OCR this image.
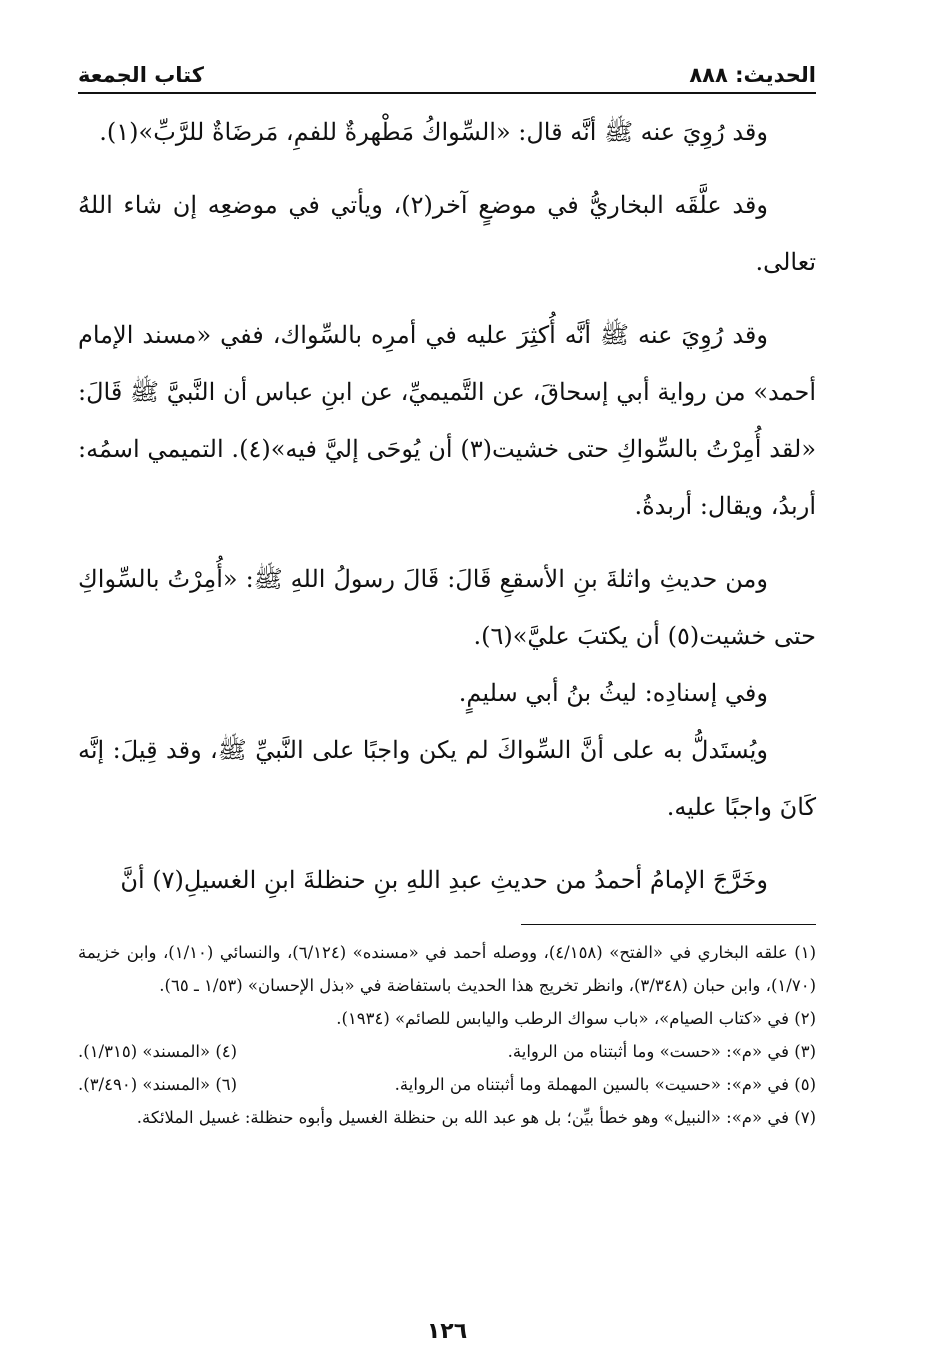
الحديث: ٨٨٨
كتاب الجمعة

وقد رُوِيَ عنه ﷺ أنَّه قال: «السِّواكُ مَطْهرةٌ للفمِ، مَرضَاةٌ للرَّبِّ»(١).

وقد علَّقَه البخاريُّ في موضعٍ آخر(٢)، ويأتي في موضعِه إن شاء اللهُ تعالى.

وقد رُوِيَ عنه ﷺ أنَّه أُكثِرَ عليه في أمرِه بالسِّواك، ففي «مسند الإمام أحمد» من رواية أبي إسحاقَ، عن التَّميميِّ، عن ابنِ عباس أن النَّبيَّ ﷺ قَالَ: «لقد أُمِرْتُ بالسِّواكِ حتى خشيت(٣) أن يُوحَى إليَّ فيه»(٤). التميمي اسمُه: أربدُ، ويقال: أربدةُ.

ومن حديثِ واثلةَ بنِ الأسقعِ قَالَ: قَالَ رسولُ اللهِ ﷺ: «أُمِرْتُ بالسِّواكِ حتى خشيت(٥) أن يكتبَ عليَّ»(٦).

وفي إسنادِه: ليثُ بنُ أبي سليمٍ.

ويُستَدلُّ به على أنَّ السِّواكَ لم يكن واجبًا على النَّبيِّ ﷺ، وقد قِيلَ: إنَّه كَانَ واجبًا عليه.

وخَرَّجَ الإمامُ أحمدُ من حديثِ عبدِ اللهِ بنِ حنظلةَ ابنِ الغسيلِ(٧) أنَّ

(١) علقه البخاري في «الفتح» (٤/١٥٨)، ووصله أحمد في «مسنده» (٦/١٢٤)، والنسائي (١/١٠)، وابن خزيمة (١/٧٠)، وابن حبان (٣/٣٤٨)، وانظر تخريج هذا الحديث باستفاضة في «بذل الإحسان» (١/٥٣ ـ ٦٥).

(٢) في «كتاب الصيام»، «باب سواك الرطب واليابس للصائم» (١٩٣٤).

(٣) في «م»: «حست» وما أثبتناه من الرواية.
(٤) «المسند» (١/٣١٥).
(٥) في «م»: «حسيت» بالسين المهملة وما أثبتناه من الرواية.
(٦) «المسند» (٣/٤٩٠).

(٧) في «م»: «النبيل» وهو خطأ بيِّن؛ بل هو عبد الله بن حنظلة الغسيل وأبوه حنظلة: غسيل الملائكة.

١٢٦
